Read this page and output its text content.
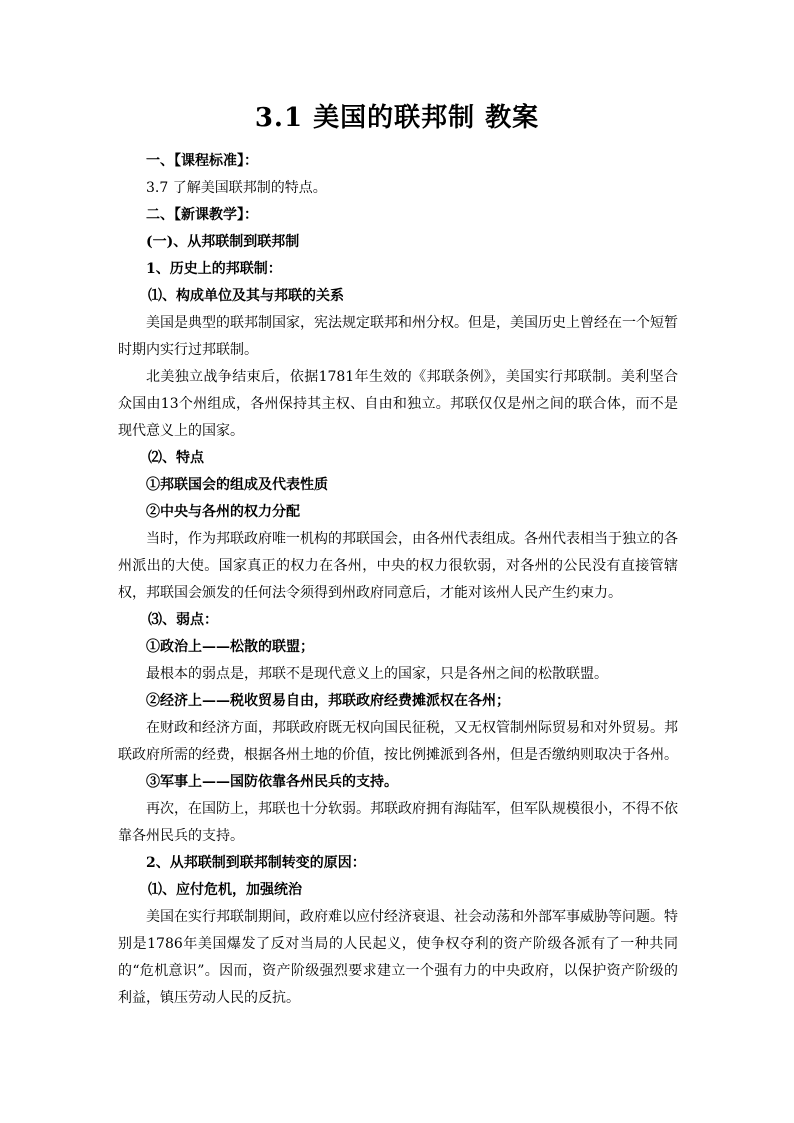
3.1 美国的联邦制 教案
一、【课程标准】：
3.7 了解美国联邦制的特点。
二、【新课教学】：
(一)、从邦联制到联邦制
1、历史上的邦联制：
⑴、构成单位及其与邦联的关系

美国是典型的联邦制国家，宪法规定联邦和州分权。但是，美国历史上曾经在一个短暂时期内实行过邦联制。

北美独立战争结束后，依据1781年生效的《邦联条例》，美国实行邦联制。美利坚合众国由13个州组成，各州保持其主权、自由和独立。邦联仅仅是州之间的联合体，而不是现代意义上的国家。

⑵、特点
①邦联国会的组成及代表性质
②中央与各州的权力分配

当时，作为邦联政府唯一机构的邦联国会，由各州代表组成。各州代表相当于独立的各州派出的大使。国家真正的权力在各州，中央的权力很软弱，对各州的公民没有直接管辖权，邦联国会颁发的任何法令须得到州政府同意后，才能对该州人民产生约束力。

⑶、弱点：
①政治上——松散的联盟；

最根本的弱点是，邦联不是现代意义上的国家，只是各州之间的松散联盟。

②经济上——税收贸易自由，邦联政府经费摊派权在各州；

在财政和经济方面，邦联政府既无权向国民征税，又无权管制州际贸易和对外贸易。邦联政府所需的经费，根据各州土地的价值，按比例摊派到各州，但是否缴纳则取决于各州。

③军事上——国防依靠各州民兵的支持。

再次，在国防上，邦联也十分软弱。邦联政府拥有海陆军，但军队规模很小，不得不依靠各州民兵的支持。

2、从邦联制到联邦制转变的原因：
⑴、应付危机，加强统治

美国在实行邦联制期间，政府难以应付经济衰退、社会动荡和外部军事威胁等问题。特别是1786年美国爆发了反对当局的人民起义，使争权夺利的资产阶级各派有了一种共同的“危机意识”。因而，资产阶级强烈要求建立一个强有力的中央政府，以保护资产阶级的利益，镇压劳动人民的反抗。
